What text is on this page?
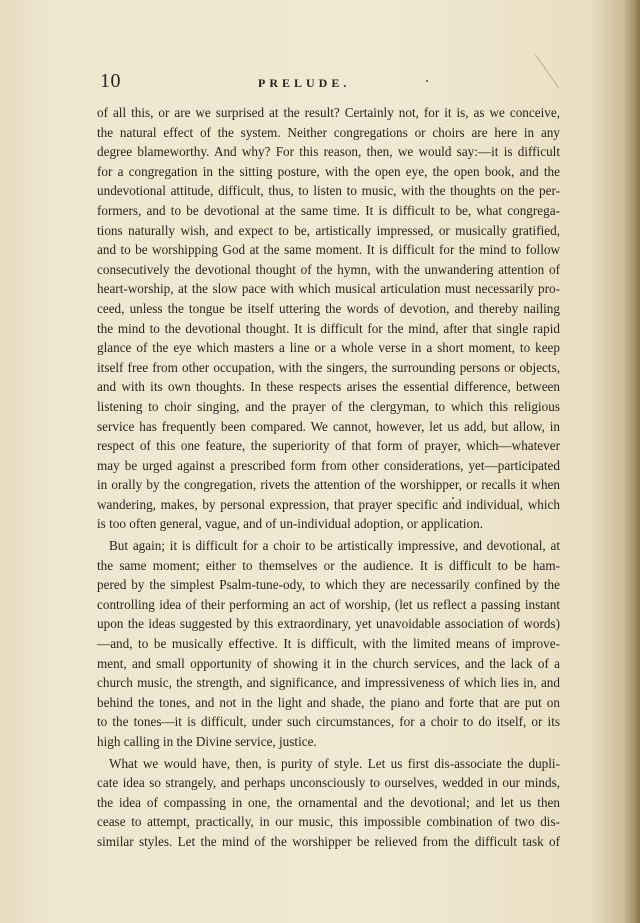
10	PRELUDE.
of all this, or are we surprised at the result? Certainly not, for it is, as we conceive,
the natural effect of the system. Neither congregations or choirs are here in any
degree blameworthy. And why? For this reason, then, we would say:—it is difficult
for a congregation in the sitting posture, with the open eye, the open book, and the
undevotional attitude, difficult, thus, to listen to music, with the thoughts on the per-
formers, and to be devotional at the same time. It is difficult to be, what congrega-
tions naturally wish, and expect to be, artistically impressed, or musically gratified,
and to be worshipping God at the same moment. It is difficult for the mind to follow
consecutively the devotional thought of the hymn, with the unwandering attention of
heart-worship, at the slow pace with which musical articulation must necessarily pro-
ceed, unless the tongue be itself uttering the words of devotion, and thereby nailing
the mind to the devotional thought. It is difficult for the mind, after that single rapid
glance of the eye which masters a line or a whole verse in a short moment, to keep
itself free from other occupation, with the singers, the surrounding persons or objects,
and with its own thoughts. In these respects arises the essential difference, between
listening to choir singing, and the prayer of the clergyman, to which this religious
service has frequently been compared. We cannot, however, let us add, but allow, in
respect of this one feature, the superiority of that form of prayer, which—whatever
may be urged against a prescribed form from other considerations, yet—participated
in orally by the congregation, rivets the attention of the worshipper, or recalls it when
wandering, makes, by personal expression, that prayer specific and individual, which
is too often general, vague, and of un-individual adoption, or application.
But again; it is difficult for a choir to be artistically impressive, and devotional, at
the same moment; either to themselves or the audience. It is difficult to be ham-
pered by the simplest Psalm-tune-ody, to which they are necessarily confined by the
controlling idea of their performing an act of worship, (let us reflect a passing instant
upon the ideas suggested by this extraordinary, yet unavoidable association of words)
—and, to be musically effective. It is difficult, with the limited means of improve-
ment, and small opportunity of showing it in the church services, and the lack of a
church music, the strength, and significance, and impressiveness of which lies in, and
behind the tones, and not in the light and shade, the piano and forte that are put on
to the tones—it is difficult, under such circumstances, for a choir to do itself, or its
high calling in the Divine service, justice.
What we would have, then, is purity of style. Let us first dis-associate the dupli-
cate idea so strangely, and perhaps unconsciously to ourselves, wedded in our minds,
the idea of compassing in one, the ornamental and the devotional; and let us then
cease to attempt, practically, in our music, this impossible combination of two dis-
similar styles. Let the mind of the worshipper be relieved from the difficult task of
